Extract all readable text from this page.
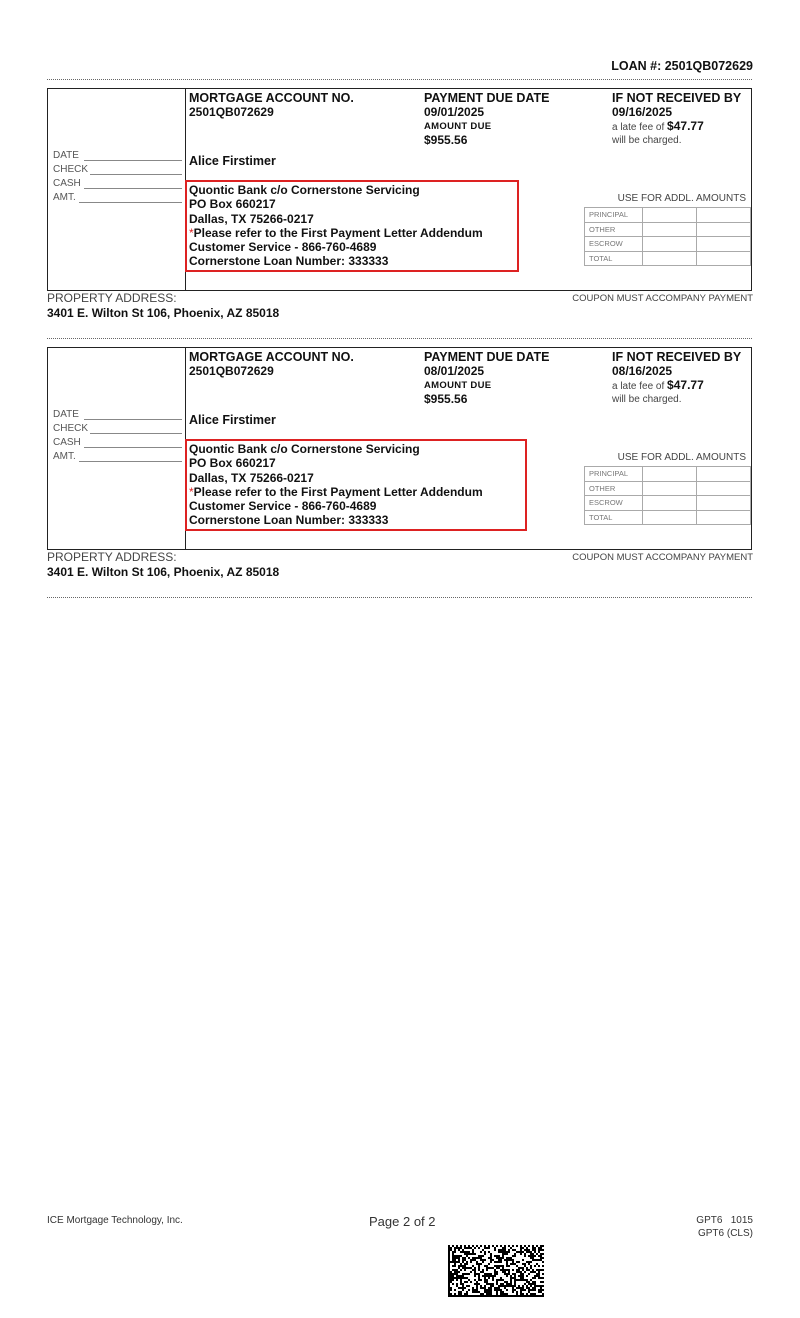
LOAN #: 2501QB072629
DATE
CHECK
CASH
AMT.
MORTGAGE ACCOUNT NO.
2501QB072629
PAYMENT DUE DATE
09/01/2025
AMOUNT DUE
$955.56
IF NOT RECEIVED BY
09/16/2025
a late fee of $47.77
will be charged.
Alice Firstimer
Quontic Bank c/o Cornerstone Servicing
PO Box 660217
Dallas, TX 75266-0217
*Please refer to the First Payment Letter Addendum
Customer Service - 866-760-4689
Cornerstone Loan Number: 333333
USE FOR ADDL. AMOUNTS
PRINCIPAL		
OTHER		
ESCROW		
TOTAL		
PROPERTY ADDRESS:	COUPON MUST ACCOMPANY PAYMENT
3401 E. Wilton St 106, Phoenix, AZ 85018
DATE
CHECK
CASH
AMT.
MORTGAGE ACCOUNT NO.
2501QB072629
PAYMENT DUE DATE
08/01/2025
AMOUNT DUE
$955.56
IF NOT RECEIVED BY
08/16/2025
a late fee of $47.77
will be charged.
Alice Firstimer
Quontic Bank c/o Cornerstone Servicing
PO Box 660217
Dallas, TX 75266-0217
*Please refer to the First Payment Letter Addendum
Customer Service - 866-760-4689
Cornerstone Loan Number: 333333
USE FOR ADDL. AMOUNTS
PRINCIPAL		
OTHER		
ESCROW		
TOTAL		
PROPERTY ADDRESS:	COUPON MUST ACCOMPANY PAYMENT
3401 E. Wilton St 106, Phoenix, AZ 85018
ICE Mortgage Technology, Inc.	Page 2 of 2	GPT6   1015
GPT6 (CLS)
